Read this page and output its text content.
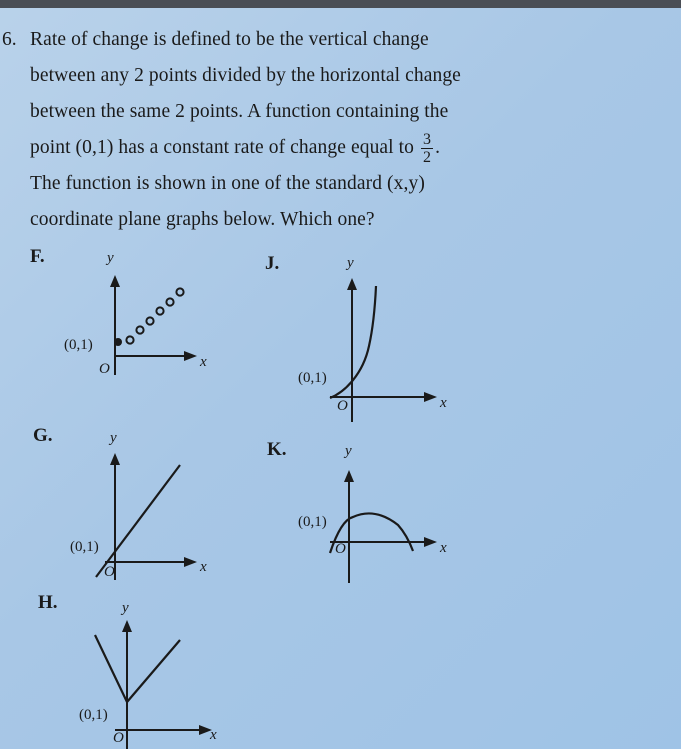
6. Rate of change is defined to be the vertical change
between any 2 points divided by the horizontal change
between the same 2 points. A function containing the
point (0,1) has a constant rate of change equal to $\frac{3}{2}$ .
The function is shown in one of the standard (x,y)
coordinate plane graphs below. Which one?
F.	y
x
O
(0,1)
G.	y
x
O
(0,1)
H.	y
x
O
(0,1)
J.	y
x
O
(0,1)
K.	y
x
O
(0,1)
